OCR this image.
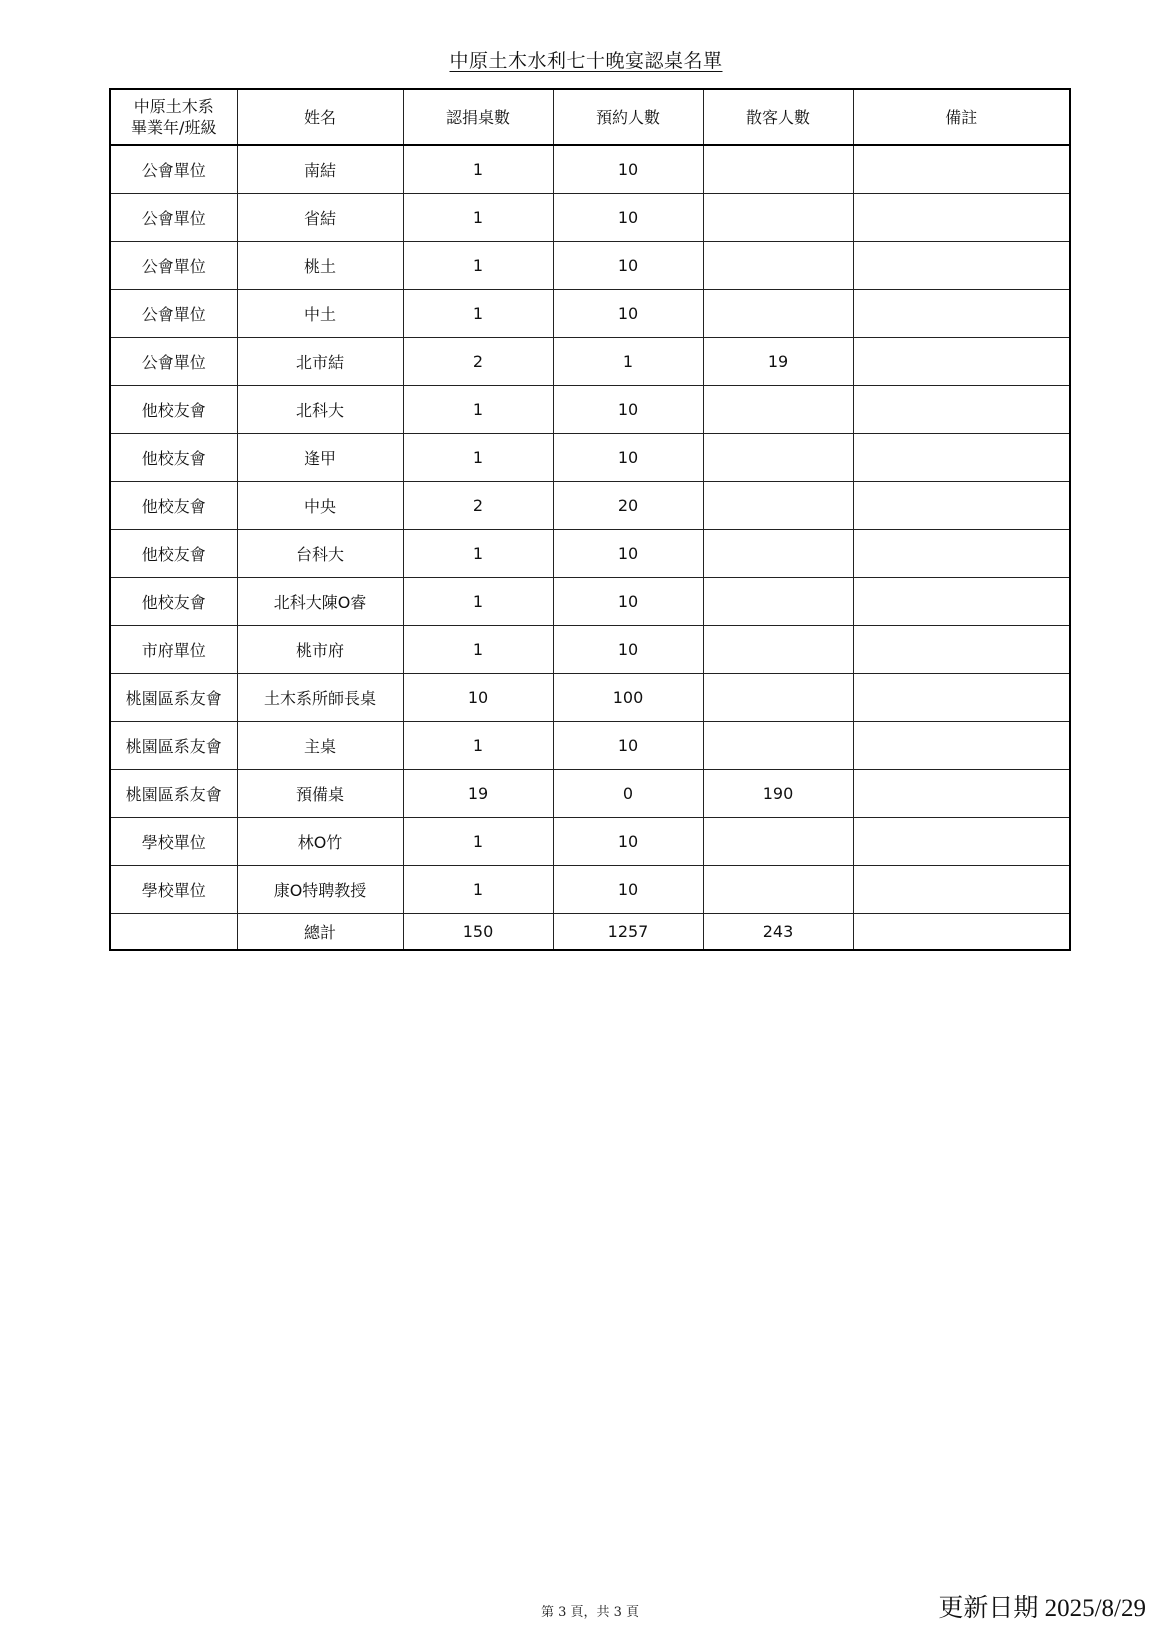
中原土木水利七十晚宴認桌名單
中原土木系
畢業年/班級	姓名	認捐桌數	預約人數	散客人數	備註
公會單位	南結	1	10		
公會單位	省結	1	10		
公會單位	桃土	1	10		
公會單位	中土	1	10		
公會單位	北市結	2	1	19	
他校友會	北科大	1	10		
他校友會	逢甲	1	10		
他校友會	中央	2	20		
他校友會	台科大	1	10		
他校友會	北科大陳O睿	1	10		
市府單位	桃市府	1	10		
桃園區系友會	土木系所師長桌	10	100		
桃園區系友會	主桌	1	10		
桃園區系友會	預備桌	19	0	190	
學校單位	林O竹	1	10		
學校單位	康O特聘教授	1	10		
	總計	150	1257	243	
第 3 頁，共 3 頁	更新日期 2025/8/29
